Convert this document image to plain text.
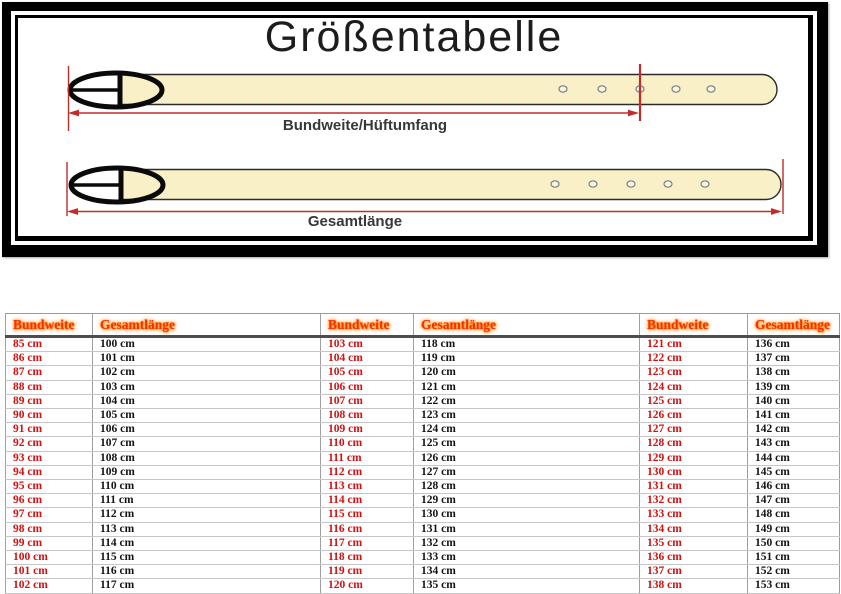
Größentabelle
Bundweite/Hüftumfang
Gesamtlänge
Bundweite	Gesamtlänge	Bundweite	Gesamtlänge	Bundweite	Gesamtlänge
85 cm	100 cm	103 cm	118 cm	121 cm	136 cm
86 cm	101 cm	104 cm	119 cm	122 cm	137 cm
87 cm	102 cm	105 cm	120 cm	123 cm	138 cm
88 cm	103 cm	106 cm	121 cm	124 cm	139 cm
89 cm	104 cm	107 cm	122 cm	125 cm	140 cm
90 cm	105 cm	108 cm	123 cm	126 cm	141 cm
91 cm	106 cm	109 cm	124 cm	127 cm	142 cm
92 cm	107 cm	110 cm	125 cm	128 cm	143 cm
93 cm	108 cm	111 cm	126 cm	129 cm	144 cm
94 cm	109 cm	112 cm	127 cm	130 cm	145 cm
95 cm	110 cm	113 cm	128 cm	131 cm	146 cm
96 cm	111 cm	114 cm	129 cm	132 cm	147 cm
97 cm	112 cm	115 cm	130 cm	133 cm	148 cm
98 cm	113 cm	116 cm	131 cm	134 cm	149 cm
99 cm	114 cm	117 cm	132 cm	135 cm	150 cm
100 cm	115 cm	118 cm	133 cm	136 cm	151 cm
101 cm	116 cm	119 cm	134 cm	137 cm	152 cm
102 cm	117 cm	120 cm	135 cm	138 cm	153 cm
